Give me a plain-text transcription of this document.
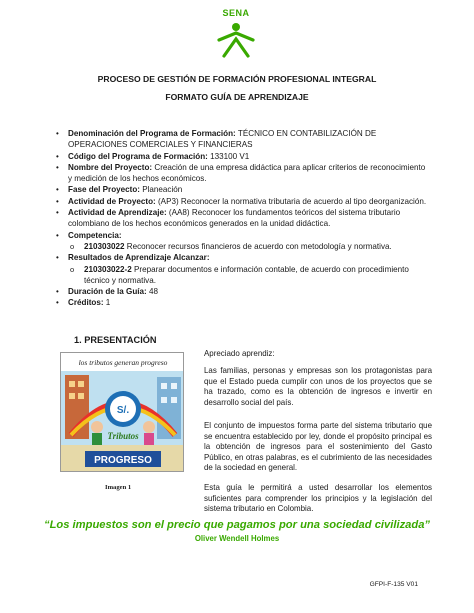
SENA
PROCESO DE GESTIÓN DE FORMACIÓN PROFESIONAL INTEGRAL
FORMATO GUÍA DE APRENDIZAJE
• Denominación del Programa de Formación: TÉCNICO EN CONTABILIZACIÓN DE OPERACIONES COMERCIALES Y FINANCIERAS
• Código del Programa de Formación: 133100 V1
• Nombre del Proyecto: Creación de una empresa didáctica para aplicar criterios de reconocimiento y medición de los hechos económicos.
• Fase del Proyecto: Planeación
• Actividad de Proyecto: (AP3) Reconocer la normativa tributaria de acuerdo al tipo deorganización.
• Actividad de Aprendizaje: (AA8) Reconocer los fundamentos teóricos del sistema tributario colombiano de los hechos económicos generados en la unidad didáctica.
• Competencia:
o 210303022 Reconocer recursos financieros de acuerdo con metodología y normativa.
• Resultados de Aprendizaje Alcanzar:
o 210303022-2 Preparar documentos e información contable, de acuerdo con procedimiento técnico y normativa.
• Duración de la Guía: 48
• Créditos: 1
1. PRESENTACIÓN
los tributos generan progreso
S/.
Tributos
PROGRESO
Imagen 1

Apreciado aprendiz:

Las familias, personas y empresas son los protagonistas para que el Estado pueda cumplir con unos de los proyectos que se ha trazado, como es la obtención de ingresos e invertir en desarrollo social del país.

El conjunto de impuestos forma parte del sistema tributario que se encuentra establecido por ley, donde el propósito principal es la obtención de ingresos para el sostenimiento del Gasto Público, en otras palabras, es el cubrimiento de las necesidades de la sociedad en general.

Esta guía le permitirá a usted desarrollar los elementos suficientes para comprender los principios y la legislación del sistema tributario en Colombia.

“Los impuestos son el precio que pagamos por una sociedad civilizada”
Oliver Wendell Holmes
GFPI-F-135 V01
